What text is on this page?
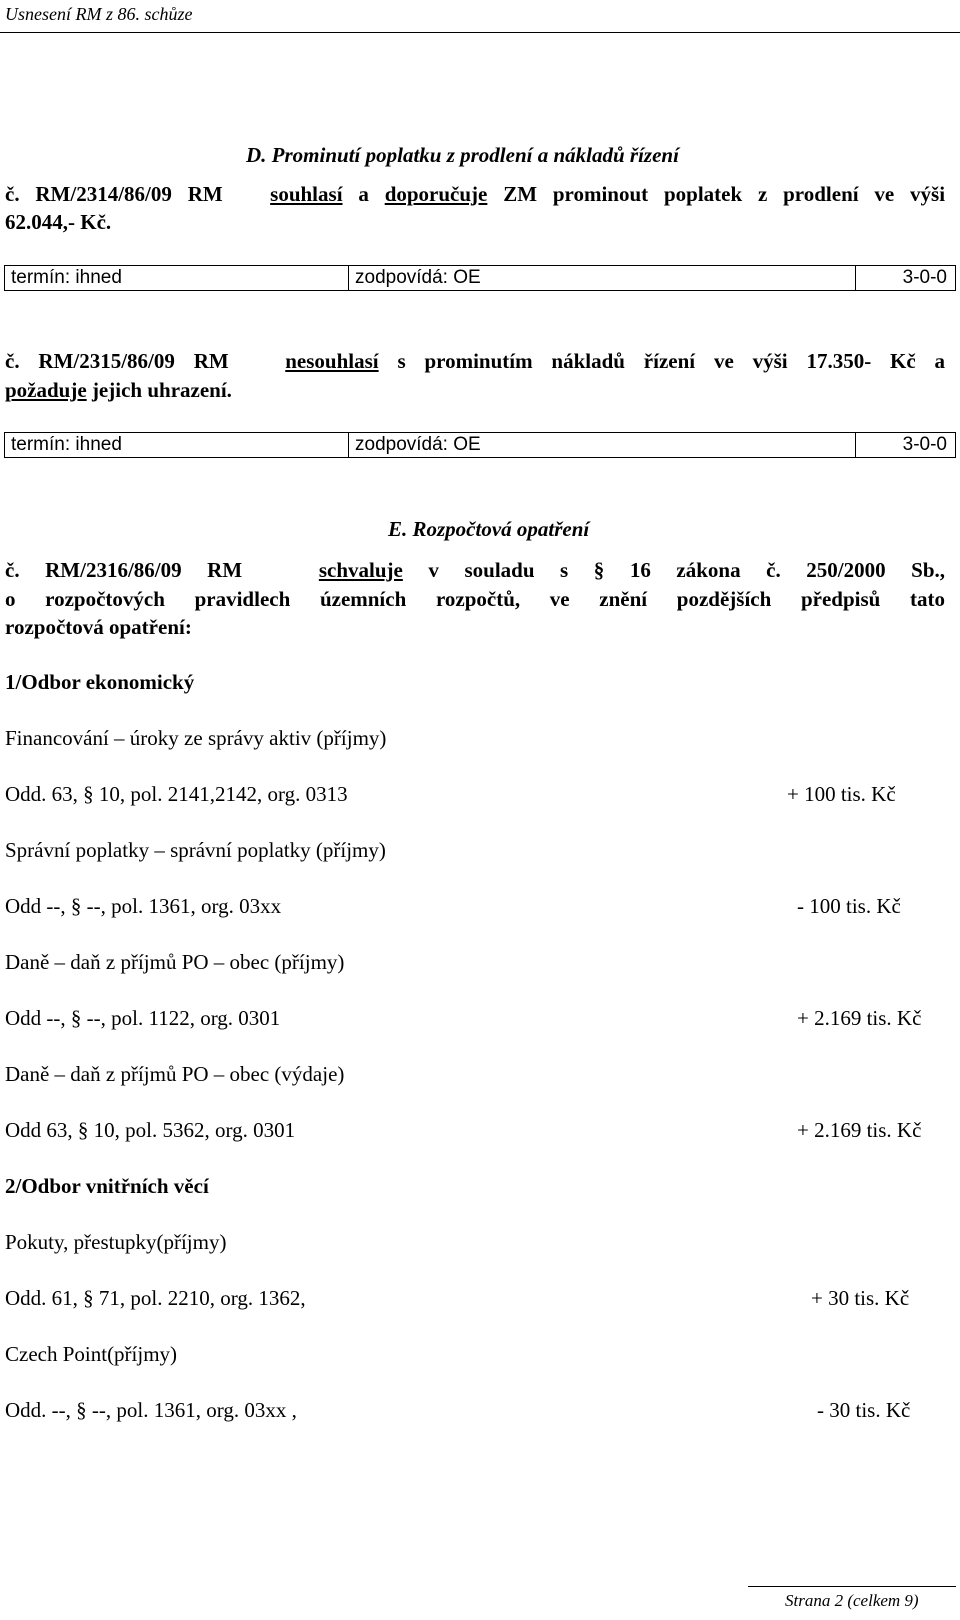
Usnesení RM z 86. schůze
D. Prominutí poplatku z prodlení a nákladů řízení
č. RM/2314/86/09 RM souhlasí a doporučuje ZM prominout poplatek z prodlení ve výši
62.044,- Kč.
termín: ihned	zodpovídá: OE	3-0-0
č. RM/2315/86/09 RM	nesouhlasí s prominutím nákladů řízení ve výši 17.350- Kč a
požaduje jejich uhrazení.
termín: ihned	zodpovídá: OE	3-0-0
E. Rozpočtová opatření
č. RM/2316/86/09 RM	schvaluje v souladu s § 16 zákona č. 250/2000 Sb.,
o rozpočtových pravidlech územních rozpočtů, ve znění pozdějších předpisů tato
rozpočtová opatření:
1/Odbor ekonomický
Financování – úroky ze správy aktiv (příjmy)
Odd. 63, § 10, pol. 2141,2142, org. 0313	+ 100 tis. Kč
Správní poplatky – správní poplatky (příjmy)
Odd --, § --, pol. 1361, org. 03xx	- 100 tis. Kč
Daně – daň z příjmů PO – obec (příjmy)
Odd --, § --, pol. 1122, org. 0301	+ 2.169 tis. Kč
Daně – daň z příjmů PO – obec (výdaje)
Odd 63, § 10, pol. 5362, org. 0301	+ 2.169 tis. Kč
2/Odbor vnitřních věcí
Pokuty, přestupky(příjmy)
Odd. 61, § 71, pol. 2210, org. 1362,	+ 30 tis. Kč
Czech Point(příjmy)
Odd. --, § --, pol. 1361, org. 03xx ,	- 30 tis. Kč
Strana 2 (celkem 9)
